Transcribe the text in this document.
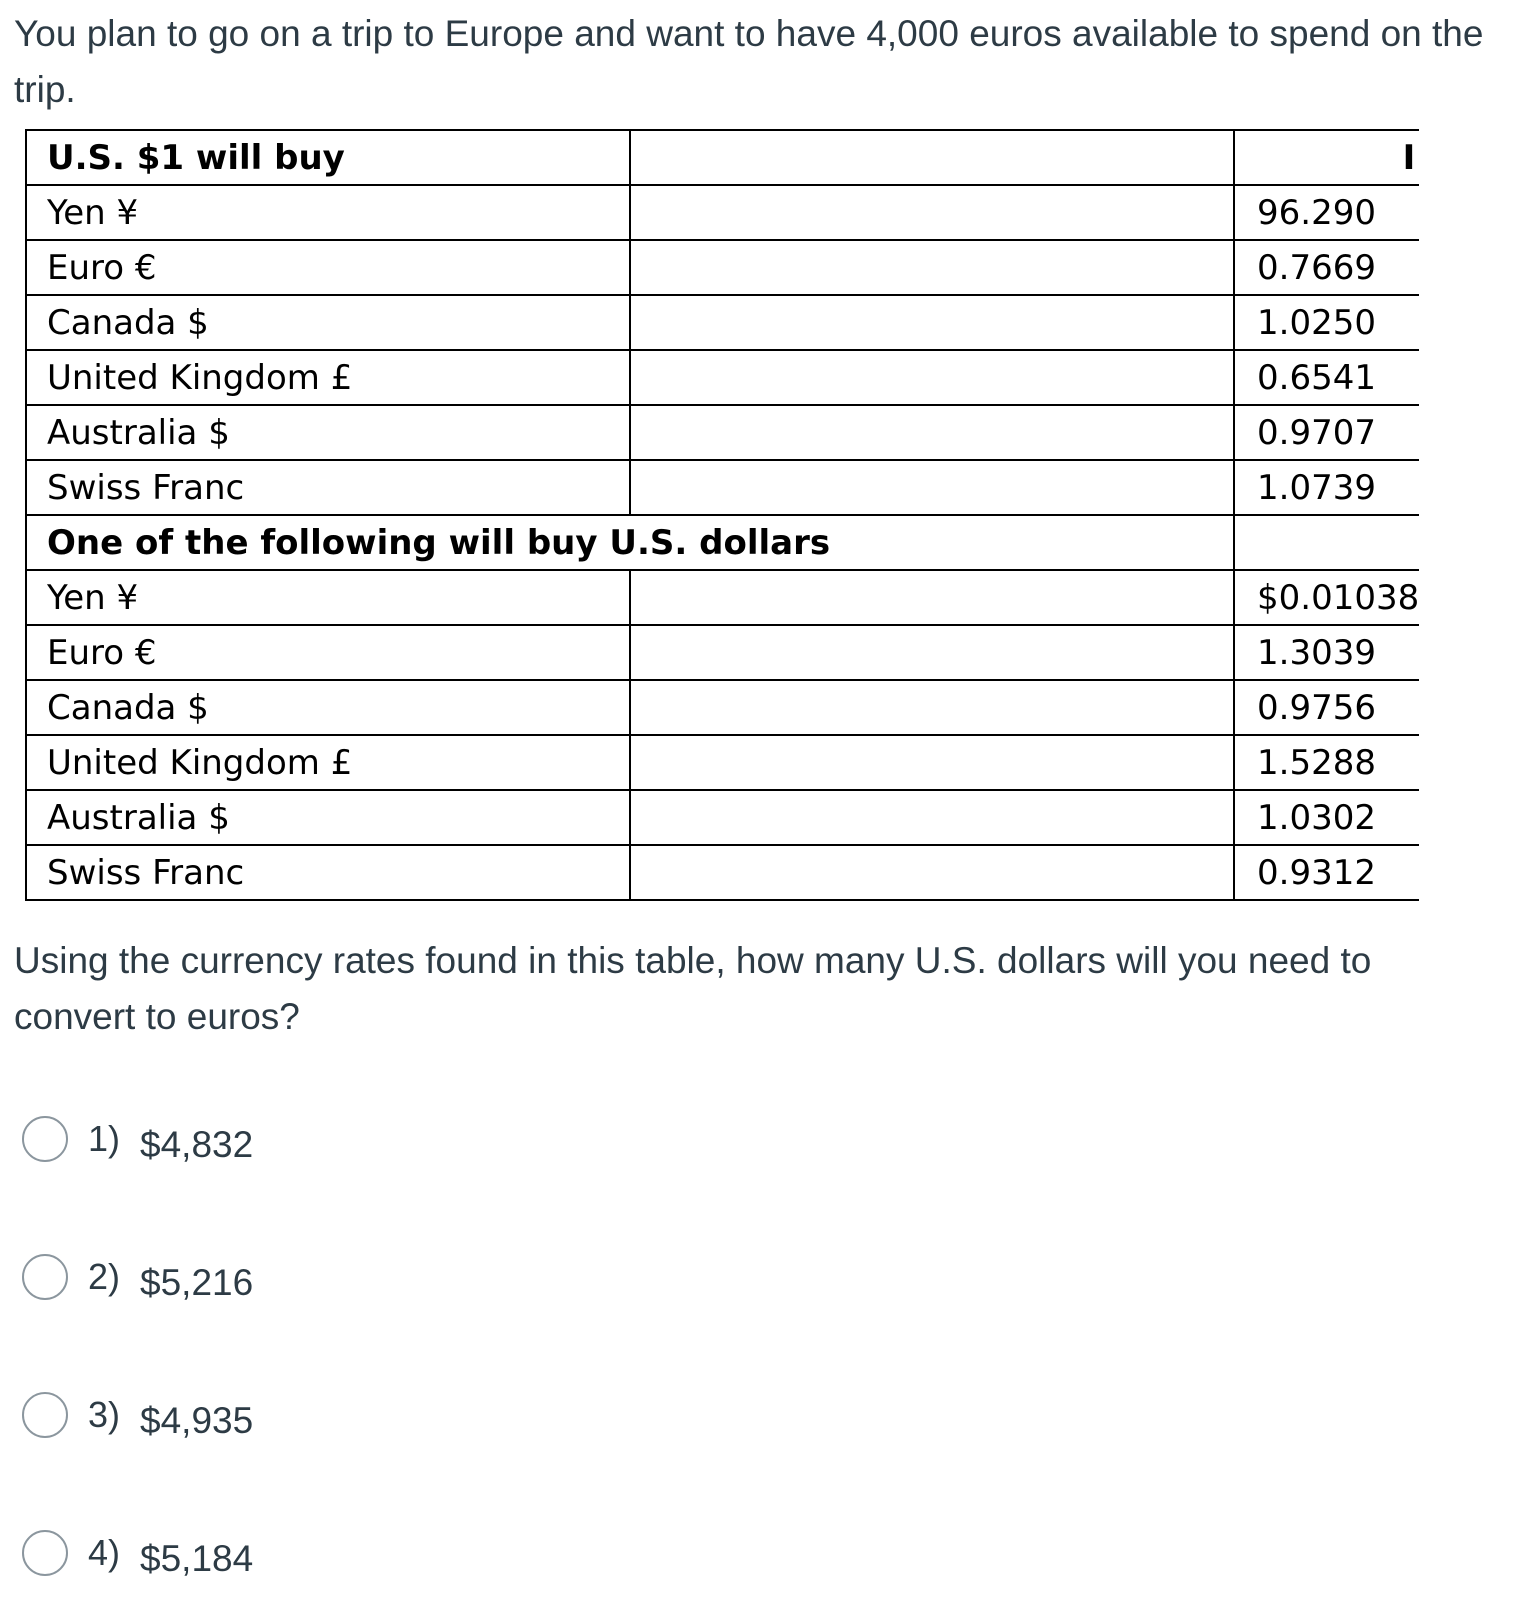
You plan to go on a trip to Europe and want to have 4,000 euros available to spend on the trip.

U.S. $1 will buy		I

Yen ¥		96.290
Euro €		0.7669
Canada $		1.0250
United Kingdom £		0.6541
Australia $		0.9707
Swiss Franc		1.0739
One of the following will buy U.S. dollars		
Yen ¥		$0.01038
Euro €		1.3039
Canada $		0.9756
United Kingdom £		1.5288
Australia $		1.0302
Swiss Franc		0.9312

Using the currency rates found in this table, how many U.S. dollars will you need to convert to euros?

1) $4,832
2) $5,216
3) $4,935
4) $5,184
